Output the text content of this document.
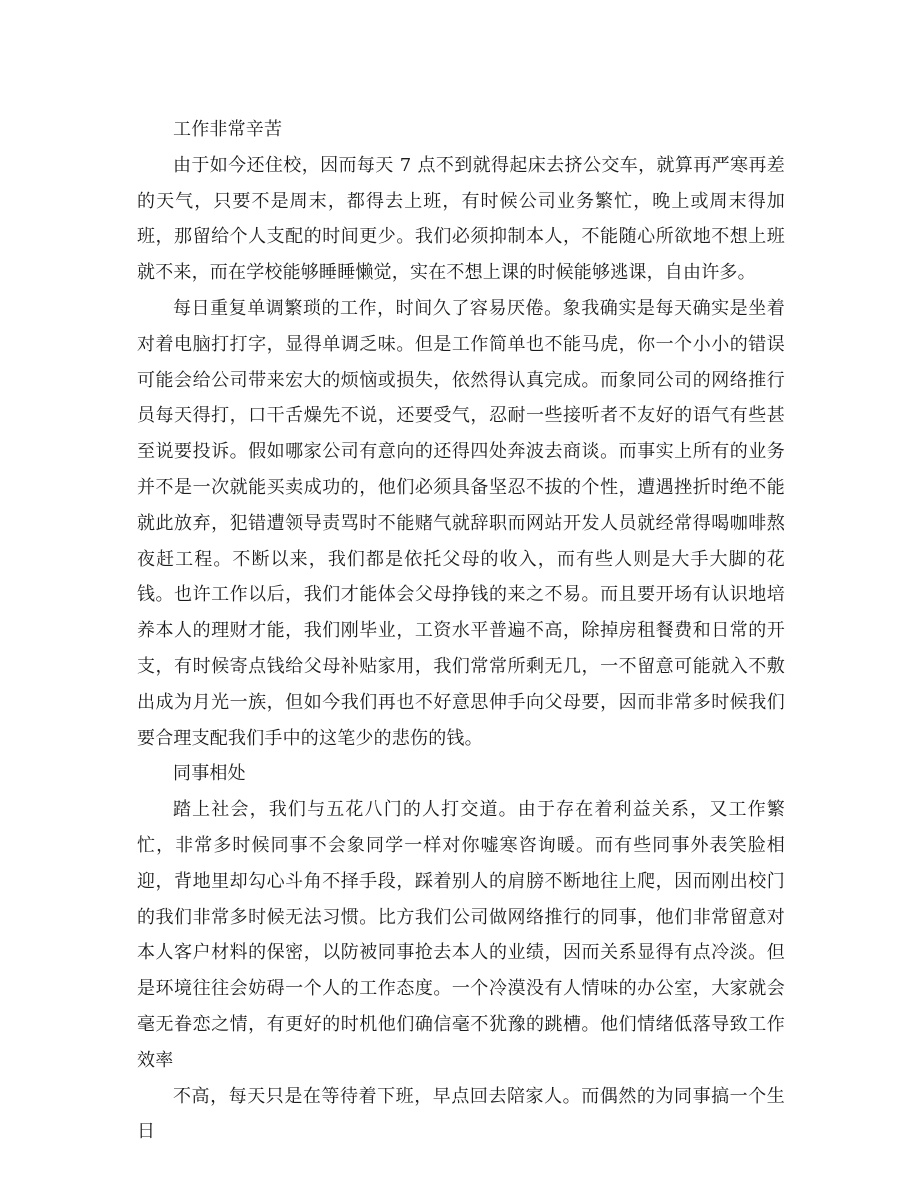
工作非常辛苦

由于如今还住校，因而每天 7 点不到就得起床去挤公交车，就算再严寒再差的天气，只要不是周末，都得去上班，有时候公司业务繁忙，晚上或周末得加班，那留给个人支配的时间更少。我们必须抑制本人，不能随心所欲地不想上班就不来，而在学校能够睡睡懒觉，实在不想上课的时候能够逃课，自由许多。

每日重复单调繁琐的工作，时间久了容易厌倦。象我确实是每天确实是坐着对着电脑打打字，显得单调乏味。但是工作简单也不能马虎，你一个小小的错误可能会给公司带来宏大的烦恼或损失，依然得认真完成。而象同公司的网络推行员每天得打，口干舌燥先不说，还要受气，忍耐一些接听者不友好的语气有些甚至说要投诉。假如哪家公司有意向的还得四处奔波去商谈。而事实上所有的业务并不是一次就能买卖成功的，他们必须具备坚忍不拔的个性，遭遇挫折时绝不能就此放弃，犯错遭领导责骂时不能赌气就辞职而网站开发人员就经常得喝咖啡熬夜赶工程。不断以来，我们都是依托父母的收入，而有些人则是大手大脚的花钱。也许工作以后，我们才能体会父母挣钱的来之不易。而且要开场有认识地培养本人的理财才能，我们刚毕业，工资水平普遍不高，除掉房租餐费和日常的开支，有时候寄点钱给父母补贴家用，我们常常所剩无几，一不留意可能就入不敷出成为月光一族，但如今我们再也不好意思伸手向父母要，因而非常多时候我们要合理支配我们手中的这笔少的悲伤的钱。

同事相处

踏上社会，我们与五花八门的人打交道。由于存在着利益关系，又工作繁忙，非常多时候同事不会象同学一样对你嘘寒咨询暖。而有些同事外表笑脸相迎，背地里却勾心斗角不择手段，踩着别人的肩膀不断地往上爬，因而刚出校门的我们非常多时候无法习惯。比方我们公司做网络推行的同事，他们非常留意对本人客户材料的保密，以防被同事抢去本人的业绩，因而关系显得有点冷淡。但是环境往往会妨碍一个人的工作态度。一个冷漠没有人情味的办公室，大家就会毫无眷恋之情，有更好的时机他们确信毫不犹豫的跳槽。他们情绪低落导致工作效率

不高，每天只是在等待着下班，早点回去陪家人。而偶然的为同事搞一个生日
